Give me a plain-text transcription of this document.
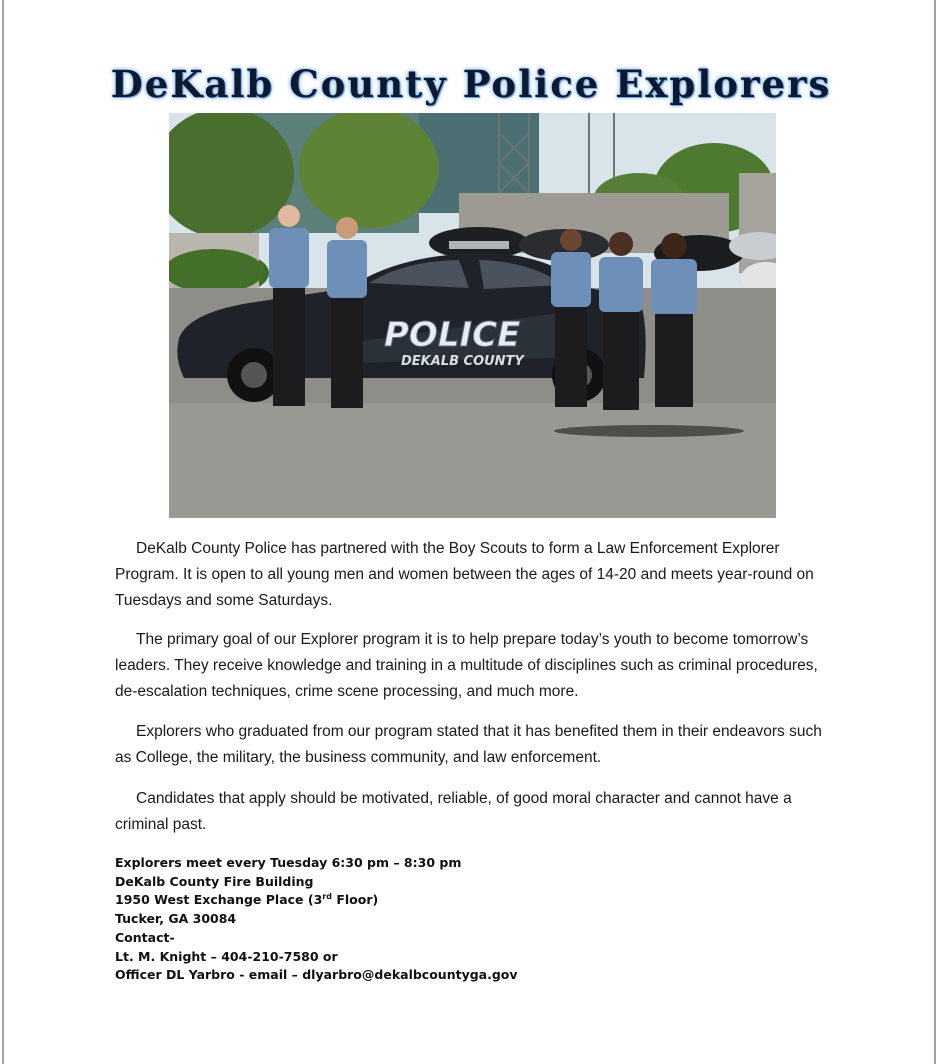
DeKalb County Police Explorers
POLICE
DEKALB COUNTY

DeKalb County Police has partnered with the Boy Scouts to form a Law Enforcement Explorer Program. It is open to all young men and women between the ages of 14-20 and meets year-round on Tuesdays and some Saturdays.

The primary goal of our Explorer program it is to help prepare today’s youth to become tomorrow’s leaders. They receive knowledge and training in a multitude of disciplines such as criminal procedures, de-escalation techniques, crime scene processing, and much more.

Explorers who graduated from our program stated that it has benefited them in their endeavors such as College, the military, the business community, and law enforcement.

Candidates that apply should be motivated, reliable, of good moral character and cannot have a criminal past.

Explorers meet every Tuesday 6:30 pm – 8:30 pm
DeKalb County Fire Building
1950 West Exchange Place (3rd Floor)
Tucker, GA 30084
Contact-
Lt. M. Knight – 404-210-7580 or
Officer DL Yarbro - email – dlyarbro@dekalbcountyga.gov
